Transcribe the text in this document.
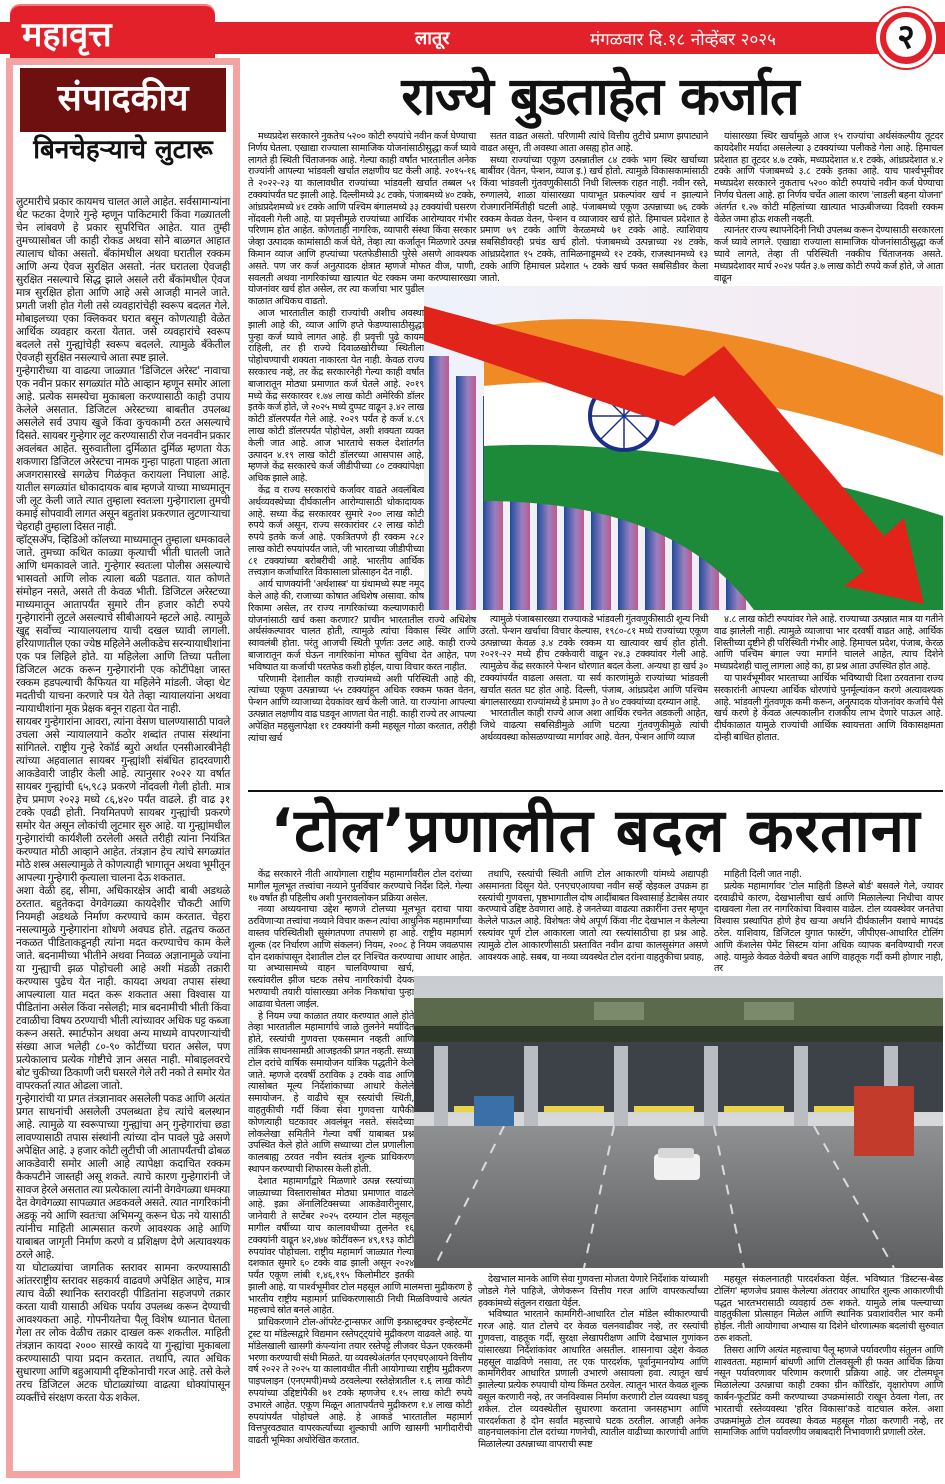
महावृत्त	लातूर	मंगळवार दि.१८ नोव्हेंबर २०२५	२
संपादकीय
बिनचेहर्‍याचे लुटारू

लुटमारीचे प्रकार कायमच चालत आले आहेत. सर्वसामान्यांना थेट फटका देणारे गुन्हे म्हणून पाकिटमारी किंवा गळ्यातली चेन लांबवणे हे प्रकार सुपरिचित आहेत. यात तुम्ही तुमच्यासोबत जी काही रोकड अथवा सोने बाळगत आहात त्यालाच धोका असतो. बँकांमधील अथवा घरातील रक्कम आणि अन्य ऐवज सुरक्षित असतो. नंतर घरातला ऐवजही सुरक्षित नसल्याचे सिद्ध झाले असले तरी बँकांमधील ऐवज मात्र सुरक्षित होता आणि आहे असे आजही मानले जाते. प्रगती जशी होत गेली तसे व्यवहारांचेही स्वरूप बदलत गेले. मोबाइलच्या एका क्लिकवर घरात बसून कोणत्याही वेळेत आर्थिक व्यवहार करता येतात. जसे व्यवहारांचे स्वरूप बदलले तसे गुन्ह्यांचेही स्वरूप बदलले. त्यामुळे बँकेतील ऐवजही सुरक्षित नसल्याचे आता स्पष्ट झाले.

गुन्हेगारीच्या या वाढत्या जाळ्यात 'डिजिटल अरेस्ट' नावाचा एक नवीन प्रकार सगळ्यांत मोठे आव्हान म्हणून समोर आला आहे. प्रत्येक समस्येचा मुकाबला करण्यासाठी काही उपाय केलेले असतात. डिजिटल अरेस्टच्या बाबतीत उपलब्ध असलेले सर्व उपाय खुजे किंवा कुचकामी ठरत असल्याचे दिसते. सायबर गुन्हेगार लूट करण्यासाठी रोज नवनवीन प्रकार अवलंबत आहेत. सुरुवातीला दुर्मिळात दुर्मिळ म्हणता येऊ शकणारा डिजिटल अरेस्टचा नामक गुन्हा पाहता पाहता आता अजगरासारखे सगळेच गिळंकृत करायला निघाला आहे. यातील सगळ्यांत धोकादायक बाब म्हणजे याच्या माध्यमातून जी लूट केली जाते त्यात तुम्हाला स्वतःला गुन्हेगाराला तुमची कमाई सोपवावी लागत असून बहुतांश प्रकरणात लुटणार्‍याचा चेहराही तुम्हाला दिसत नाही.

व्हॉट्सअ‍ॅप, व्हिडिओ कॉलच्या माध्यमातून तुम्हाला धमकावले जाते. तुमच्या कथित काळ्या कृत्याची भीती घातली जाते आणि धमकावले जाते. गुन्हेगार स्वतःला पोलीस असल्याचे भासवतो आणि लोक त्याला बळी पडतात. यात कोणते संमोहन नसते, असते ती केवळ भीती. डिजिटल अरेस्टच्या माध्यमातून आतापर्यंत सुमारे तीन हजार कोटी रुपये गुन्हेगारांनी लुटले असल्याचे सीबीआयने म्हटले आहे. त्यामुळे खुद्द सर्वोच्च न्यायालयलाच याची दखल घ्यावी लागली. हरियाणातील एका ज्येष्ठ महिलेने अलीकडेच सरन्यायाधीशांना एक पत्र लिहिले होते. या महिलेला आणि तिच्या पतीला डिजिटल अटक करून गुन्हेगारांनी एक कोटींपेक्षा जास्त रक्कम हडपल्याची कैफियत या महिलेने मांडली. जेव्हा थेट मदतीची याचना करणारे पत्र येते तेव्हा न्यायालयांना अथवा न्यायाधीशांना मूक प्रेक्षक बनून राहता येत नाही.

सायबर गुन्हेगारांना आवरा, त्यांना वेसण घालण्यासाठी पावले उचला असे न्यायालयाने कठोर शब्दांत तपास संस्थांना सांगितले. राष्ट्रीय गुन्हे रेकॉर्ड ब्युरो अर्थात एनसीआरबीनेही त्यांच्या अहवालात सायबर गुन्ह्यांशी संबंधित हादरवणारी आकडेवारी जाहीर केली आहे. त्यानुसार २०२२ या वर्षात सायबर गुन्ह्यांची ६५,९८३ प्रकरणे नोंदवली गेली होती. मात्र हेच प्रमाण २०२३ मध्ये ८६,४२० पर्यंत वाढले. ही वाढ ३१ टक्के एवढी होती. नियमितपणे सायबर गुन्ह्यांची प्रकरणे समोर येत असून लोकांची लुटमार सुरु आहे. या गुन्ह्यांमधील गुन्हेगारांची कार्यशैली ठरलेली असते तरीही त्यांना नियंत्रित करण्यात मोठी आव्हाने आहेत. तंत्रज्ञान हेच त्यांचे सगळ्यांत मोठे शस्त्र असल्यामुळे ते कोणत्याही भागातून अथवा भूमीतून आपल्या गुन्हेगारी कृत्याला चालना देऊ शकतात.

अशा वेळी हद्द, सीमा, अधिकारक्षेत्र आदी बाबी अडथळे ठरतात. बहुतेकदा वेगवेगळ्या कायदेशीर चौकटी आणि नियमही अडथळे निर्माण करण्याचे काम करतात. चेहरा नसल्यामुळे गुन्हेगारांना शोधणे अवघड होते. तद्वतच कळत नकळत पीडिताकडूनही त्यांना मदत करण्याचेच काम केले जाते. बदनामीच्या भीतीने अथवा निव्वळ अज्ञानामुळे ज्यांना या गुन्ह्याची झळ पोहोचली आहे अशी मंडळी तक्रारी करण्यास पुढेच येत नाही. कायदा अथवा तपास संस्था आपल्याला यात मदत करू शकतात असा विश्वास या पीडितांना असेल किंवा नसेलही; मात्र बदनामीची भीती किंवा टवाळीचा विषय ठरण्याची भीती त्यांच्यावर अधिक घट्ट कब्जा करून असते. स्मार्टफोन अथवा अन्य माध्यमे वापरणार्‍यांची संख्या आज भलेही ८०-९० कोटींच्या घरात असेल, पण प्रत्येकालाच प्रत्येक गोष्टीचे ज्ञान असत नाही. मोबाइलवरचे बोट चुकीच्या ठिकाणी जरी घसरले गेले तरी नको ते समोर येत वापरकर्ता त्यात ओढला जातो.

गुन्हेगारांची या प्रगत तंत्रज्ञानावर असलेली पकड आणि अत्यंत प्रगत साधनांची असलेली उपलब्धता हेच त्यांचे बलस्थान आहे. त्यामुळे या स्वरूपाच्या गुन्ह्यांचा अन् गुन्हेगारांचा छडा लावण्यासाठी तपास संस्थांनी त्यांच्या दोन पावले पुढे असणे अपेक्षित आहे. ३ हजार कोटी लुटीची जी आतापर्यंतची ढोबळ आकडेवारी समोर आली आहे त्यापेक्षा कदाचित रक्कम कैकपटीने जास्तही असू शकते. त्याचे कारण गुन्हेगारांनी जे सावज हेरले असतात त्या प्रत्येकाला त्यांनी वेगवेगळ्या धमक्या देत वेगवेगळ्या सापळ्यात अडकवले असते. त्यात नागरिकांनी अडकू नये आणि स्वतःचा अभिमन्यू करून घेऊ नये यासाठी त्यांनीच माहिती आत्मसात करणे आवश्यक आहे आणि याबाबत जागृती निर्माण करणे व प्रशिक्षण देणे अत्यावश्यक ठरले आहे.

या घोटाळ्यांचा जागतिक स्तरावर सामना करण्यासाठी आंतरराष्ट्रीय स्तरावर सहकार्य वाढवणे अपेक्षित आहेच, मात्र त्याच वेळी स्थानिक स्तरावरही पीडितांना सहजपणे तक्रार करता यावी यासाठी अधिक पर्याय उपलब्ध करून देण्याची आवश्यकता आहे. गोपनीयतेचा पैलू विशेष ध्यानात घेतला गेला तर लोक वेळीच तक्रार दाखल करू शकतील. माहिती तंत्रज्ञान कायदा २००० सारखे कायदे या गुन्ह्यांचा मुकाबला करण्यासाठी पाया प्रदान करतात. तथापि, त्यात अधिक सुधारणा आणि बहुआयामी दृष्टिकोनाची गरज आहे. तसे केले तरच डिजिटल अटक घोटाळ्यांच्या वाढत्या धोक्यांपासून व्यक्तींचे संरक्षण करता येऊ शकेल.

राज्ये बुडताहेत कर्जात

मध्यप्रदेश सरकारने नुकतेच ५२०० कोटी रुपयांचे नवीन कर्ज घेण्याचा निर्णय घेतला. एखाद्या राज्याला सामाजिक योजनांसाठीसुद्धा कर्ज घ्यावे लागते ही स्थिती चिंताजनक आहे. गेल्या काही वर्षांत भारतातील अनेक राज्यांनी आपल्या भांडवली खर्चात लक्षणीय घट केली आहे. २०१५-१६ ते २०२२-२३ या कालावधीत राज्यांच्या भांडवली खर्चात तब्बल ५१ टक्क्यांपर्यंत घट झाली आहे. दिल्लीमध्ये ३८ टक्के, पंजाबमध्ये ४० टक्के, आंध्रप्रदेशमध्ये ४१ टक्के आणि पश्चिम बंगालमध्ये ३३ टक्क्यांची घसरण नोंदवली गेली आहे. या प्रवृत्तीमुळे राज्यांच्या आर्थिक आरोग्यावर गंभीर परिणाम होत आहेत. कोणताही नागरिक, व्यापारी संस्था किंवा सरकार जेव्हा उत्पादक कामांसाठी कर्ज घेते, तेव्हा त्या कर्जातून मिळणारे उत्पन्न किमान व्याज आणि हप्त्यांच्या परतफेडीसाठी पुरेसे असणे आवश्यक असते. पण जर कर्ज अनुत्पादक क्षेत्रात म्हणजे मोफत वीज, पाणी, सवलती अथवा नागरिकांच्या खात्यात थेट रक्कम जमा करण्यासारख्या योजनांवर खर्च होत असेल, तर त्या कर्जाचा भार पुढील काळात अधिकच वाढतो.

आज भारतातील काही राज्यांची अशीच अवस्था झाली आहे की, व्याज आणि हप्ते फेडण्यासाठीसुद्धा पुन्हा कर्ज घ्यावे लागत आहे. ही प्रवृत्ती पुढे कायम राहिली, तर ही राज्ये दिवाळखोरीच्या स्थितीला पोहोचण्याची शक्यता नाकारता येत नाही. केवळ राज्य सरकारच नव्हे, तर केंद्र सरकारनेही गेल्या काही वर्षांत बाजारातून मोठ्या प्रमाणात कर्ज घेतले आहे. २०१९ मध्ये केंद्र सरकारवर १.७४ लाख कोटी अमेरिकी डॉलर इतके कर्ज होते, जे २०२५ मध्ये दुप्पट वाढून ३.४२ लाख कोटी डॉलरपर्यंत गेले आहे. २०२९ पर्यंत हे कर्ज ४.८९ लाख कोटी डॉलरपर्यंत पोहोचेल, अशी शक्यता व्यक्त केली जात आहे. आज भारताचे सकल देशांतर्गत उत्पादन ४.१९ लाख कोटी डॉलरच्या आसपास आहे, म्हणजे केंद्र सरकारचे कर्ज जीडीपीच्या ८० टक्क्यांपेक्षा अधिक झाले आहे.

केंद्र व राज्य सरकारांचे कर्जावर वाढते अवलंबित्व अर्थव्यवस्थेच्या दीर्घकालीन आरोग्यासाठी धोकादायक आहे. सध्या केंद्र सरकारवर सुमारे २०० लाख कोटी रुपये कर्ज असून, राज्य सरकारांवर ८२ लाख कोटी रुपये इतके कर्ज आहे. एकत्रितपणे ही रक्कम २८२ लाख कोटी रुपयांपर्यंत जाते, जी भारताच्या जीडीपीच्या ८१ टक्क्यांच्या बरोबरीची आहे. भारतीय आर्थिक तत्त्वज्ञान कर्जाधारित विकासाला प्रोत्साहन देत नाही.

आर्य चाणक्यांनी 'अर्थशास्त्र' या ग्रंथामध्ये स्पष्ट नमूद केले आहे की, राजाच्या कोषात अधिशेष असावा. कोष रिकामा असेल, तर राज्य नागरिकांच्या कल्याणकारी योजनांसाठी खर्च कसा करणार? प्राचीन भारतातील राज्ये अधिशेष अर्थसंकल्पावर चालत होती, त्यामुळे त्यांचा विकास स्थिर आणि स्वावलंबी होता. परंतु आजची स्थिती पूर्णतः उलट आहे. काही राज्ये बाजारातून कर्ज घेऊन नागरिकांना मोफत सुविधा देत आहेत, पण भविष्यात या कर्जाची परतफेड कशी होईल, याचा विचार करत नाहीत.

परिणामी देशातील काही राज्यांमध्ये अशी परिस्थिती आहे की, त्यांच्या एकूण उत्पन्नाच्या ५५ टक्क्यांहून अधिक रक्कम फक्त वेतन, पेन्शन आणि व्याजाच्या देयकांवर खर्च केली जाते. या राज्यांना आपल्या उत्पन्नात लक्षणीय वाढ घडवून आणता येत नाही. काही राज्ये तर आपल्या अपेक्षित महसुलापेक्षा ११ टक्क्यांनी कमी महसूल गोळा करतात, तरीही त्यांचा खर्च

सतत वाढत असतो. परिणामी त्यांचे वित्तीय तुटीचे प्रमाण झपाट्याने वाढत असून, ती अवस्था आता असह्य होत आहे.

सध्या राज्यांच्या एकूण उत्पन्नातील ८४ टक्के भाग स्थिर खर्चाच्या बाबींवर (वेतन, पेन्शन, व्याज इ.) खर्च होतो. त्यामुळे विकासकामांसाठी किंवा भांडवली गुंतवणुकीसाठी निधी शिल्लक राहत नाही. नवीन रस्ते, रुग्णालये, शाळा यांसारख्या पायाभूत प्रकल्पांवर खर्च न झाल्याने रोजगारनिर्मितीही घटली आहे. पंजाबमध्ये एकूण उत्पन्नाच्या ७६ टक्के रक्कम केवळ वेतन, पेन्शन व व्याजावर खर्च होते. हिमाचल प्रदेशात हे प्रमाण ७९ टक्के आणि केरळमध्ये ७१ टक्के आहे. त्याशिवाय सबसिडीवरही प्रचंड खर्च होतो. पंजाबमध्ये उत्पन्नाच्या २४ टक्के, आंध्रप्रदेशात १५ टक्के, तामिळनाडूमध्ये १२ टक्के, राजस्थानमध्ये १३ टक्के आणि हिमाचल प्रदेशात ५ टक्के खर्च फक्त सबसिडीवर केला जातो.

यांसारख्या स्थिर खर्चामुळे आज १५ राज्यांचा अर्थसंकल्पीय तूटदर कायदेशीर मर्यादा असलेल्या ३ टक्क्यांच्या पलीकडे गेला आहे. हिमाचल प्रदेशात हा तूटदर ४.७ टक्के, मध्यप्रदेशात ४.१ टक्के, आंध्रप्रदेशात ४.२ टक्के आणि पंजाबमध्ये ३.८ टक्के इतका आहे. याच पार्श्वभूमीवर मध्यप्रदेश सरकारने नुकताच ५२०० कोटी रुपयांचे नवीन कर्ज घेण्याचा निर्णय घेतला आहे. हा निर्णय चर्चेत आला कारण 'लाडली बहना योजना' अंतर्गत १.२७ कोटी महिलांच्या खात्यात भाऊबीजच्या दिवशी रक्कम वेळेत जमा होऊ शकली नव्हती.

त्यानंतर राज्य स्थापनेदिनी निधी उपलब्ध करून देण्यासाठी सरकारला कर्ज घ्यावे लागले. एखाद्या राज्याला सामाजिक योजनांसाठीसुद्धा कर्ज घ्यावे लागते, तेव्हा ती परिस्थिती नक्कीच चिंताजनक असते. मध्यप्रदेशावर मार्च २०२४ पर्यंत ३.७ लाख कोटी रुपये कर्ज होते, जे आता वाढून

त्यामुळे पंजाबसारख्या राज्याकडे भांडवली गुंतवणुकीसाठी शून्य निधी उरतो. पेन्शन खर्चाचा विचार केल्यास, १९८०-८१ मध्ये राज्यांच्या एकूण उत्पन्नाच्या केवळ ३.४ टक्के रक्कम या खात्यावर खर्च होत होती. २०२१-२२ मध्ये हीच टक्केवारी वाढून २४.३ टक्क्यांवर गेली आहे. त्यामुळेच केंद्र सरकारने पेन्शन धोरणात बदल केला. अन्यथा हा खर्च ३० टक्क्यांपर्यंत वाढला असता. या सर्व कारणांमुळे राज्यांच्या भांडवली खर्चात सतत घट होत आहे. दिल्ली, पंजाब, आंध्रप्रदेश आणि पश्चिम बंगालसारख्या राज्यांमध्ये हे प्रमाण ३० ते ४० टक्क्यांच्या दरम्यान आहे.

भारतातील काही राज्ये आज अशा आर्थिक रचनेत अडकली आहेत, जिथे वाढत्या सबसिडीमुळे आणि घटत्या गुंतवणुकीमुळे त्यांची अर्थव्यवस्था कोसळण्याच्या मार्गावर आहे. वेतन, पेन्शन आणि व्याज

४.८ लाख कोटी रुपयांवर गेले आहे. राज्याच्या उत्पन्नात मात्र या गतीने वाढ झालेली नाही. त्यामुळे व्याजाचा भार दरवर्षी वाढत आहे. आर्थिक शिस्तीच्या दृष्टीने ही परिस्थिती गंभीर आहे. हिमाचल प्रदेश, पंजाब, केरळ आणि पश्चिम बंगाल ज्या मार्गाने चालले आहेत, त्याच दिशेने मध्यप्रदेशही चालू लागला आहे का, हा प्रश्न आता उपस्थित होत आहे.

या पार्श्वभूमीवर भारताच्या आर्थिक भविष्याची दिशा ठरवताना राज्य सरकारांनी आपल्या आर्थिक धोरणांचे पुनर्मूल्यांकन करणे अत्यावश्यक आहे. भांडवली गुंतवणूक कमी करून, अनुत्पादक योजनांवर कर्जाचे पैसे खर्च करणे हे केवळ अल्पकालीन राजकीय लाभ देणारे पाऊल आहे. दीर्घकाळात यामुळे राज्यांची आर्थिक स्वायत्तता आणि विकासक्षमता दोन्ही बाधित होतात.

‘टोल’प्रणालीत बदल करताना

केंद्र सरकारने नीती आयोगाला राष्ट्रीय महामार्गांवरील टोल दरांच्या मागील मूलभूत तत्त्वांचा नव्याने पुनर्विचार करण्याचे निर्देश दिले. गेल्या १७ वर्षांत ही पहिलीच अशी पुनरावलोकन प्रक्रिया असेल.

नव्या अध्ययनाचा उद्देश म्हणजे टोलच्या मूलभूत दराचा पाया ठरविणार्‍या तत्त्वांचा नव्याने विचार करून त्यांचा आधुनिक महामार्गांच्या वास्तव परिस्थितीशी सुसंगतपणा तपासणे हा आहे. राष्ट्रीय महामार्ग शुल्क (दर निर्धारण आणि संकलन) नियम, २००८ हे नियम जवळपास दोन दशकांपासून देशातील टोल दर निश्चित करण्याचा आधार आहेत. या अभ्यासामध्ये वाहन चालविण्याचा खर्च, रस्त्यांवरील झीज घटक तसेच नागरिकांची देयक भरण्याची तयारी यांसारख्या अनेक निकषांचा पुन्हा आढावा घेतला जाईल.

हे नियम ज्या काळात तयार करण्यात आले होते तेव्हा भारतातील महामार्गांचे जाळे तुलनेने मर्यादित होते, रस्त्यांची गुणवत्ता एकसमान नव्हती आणि तांत्रिक साधनसामग्री आजइतकी प्रगत नव्हती. सध्या टोल दरांचे वार्षिक समायोजन यांत्रिक पद्धतीने केले जाते. म्हणजे दरवर्षी ठराविक ३ टक्के वाढ आणि त्यासोबत मूल्य निर्देशांकाच्या आधारे केलेले समायोजन. हे वाढीचे सूत्र रस्त्यांची स्थिती, वाहतुकीची गर्दी किंवा सेवा गुणवत्ता यापैकी कोणत्याही घटकावर अवलंबून नसते. संसदेच्या लोकलेखा समितीने गेल्या वर्षी याबाबत प्रश्न उपस्थित केले होते आणि सध्याच्या टोल प्रणालीला कालबाह्य ठरवत नवीन स्वतंत्र शुल्क प्राधिकरण स्थापन करण्याची शिफारस केली होती.

देशात महामार्गांद्वारे मिळणारे उत्पन्न रस्त्यांच्या जाळ्याच्या विस्तारासोबत मोठ्या प्रमाणात वाढले आहे. इक्रा ॲनालिटिक्सच्या आकडेवारीनुसार, जानेवारी ते सप्टेंबर २०२५ दरम्यान टोल महसूल मागील वर्षीच्या याच कालावधीच्या तुलनेत १६ टक्क्यांनी वाढून ४२,४७४ कोटींवरून ४९,१९३ कोटी रुपयांवर पोहोचला. राष्ट्रीय महामार्ग जाळ्यात गेल्या दशकात सुमारे ६० टक्के वाढ झाली असून २०२४ पर्यंत एकूण लांबी १,४६,१९५ किलोमीटर इतकी झाली आहे. या पार्श्वभूमीवर टोल महसूल आणि मालमत्ता मुद्रीकरण हे भारतीय राष्ट्रीय महामार्ग प्राधिकरणासाठी निधी मिळविण्याचे अत्यंत महत्त्वाचे स्रोत बनले आहेत.

प्राधिकरणाने टोल-ऑपरेट-ट्रान्सफर आणि इन्फ्रास्ट्रक्चर इन्व्हेस्टमेंट ट्रस्ट या मॉडेल्सद्वारे विद्यमान रस्तेपट्ट्यांचे मुद्रीकरण वाढवले आहे. या मॉडेलखाली खासगी कंपन्यांना तयार रस्तेपट्टे लीजवर घेऊन एकरकमी भरणा करण्याची संधी मिळते. या व्यवस्थेअंतर्गत एनएचएआयने वित्तीय वर्ष २०२२ ते २०२५ या कालावधीत नीती आयोगाच्या राष्ट्रीय मुद्रीकरण पाइपलाइन (एनएमपी)मध्ये ठरवलेल्या रस्तेक्षेत्रातील १.६ लाख कोटी रुपयांच्या उद्दिष्टांपैकी ७१ टक्के म्हणजेच १.१५ लाख कोटी रुपये उभारले आहेत. एकूण मिळून आतापर्यंतचे मुद्रीकरण १.४ लाख कोटी रुपयांपर्यंत पोहोचले आहे. हे आकडे भारतातील महामार्ग वित्तपुरवठ्यात वापरकर्त्यांच्या शुल्काची आणि खासगी भागीदारीची वाढती भूमिका अधोरेखित करतात.

तथापि, रस्त्यांची स्थिती आणि टोल आकारणी यांमध्ये अद्यापही असमानता दिसून येते. एनएचएआयचा नवीन सर्व्हे व्हेइकल उपक्रम हा रस्त्यांची गुणवत्ता, पृष्ठभागातील दोष आदींबाबत विश्वासार्ह डेटाबेस तयार करण्याचे उद्दिष्ट ठेवणारा आहे. हे जनतेच्या वाढत्या तक्रारींना उत्तर म्हणून केलेले पाऊल आहे. विशेषतः जेथे अपूर्ण किंवा नीट देखभाल न केलेल्या रस्त्यांवर पूर्ण टोल आकारला जातो त्या रस्त्यांसाठीचा हा प्रश्न आहे. त्यामुळे टोल आकारणीसाठी प्रस्तावित नवीन ढाचा कालसुसंगत असणे आवश्यक आहे. सबब, या नव्या व्यवस्थेत टोल दरांना वाहतुकीचा प्रवाह,

माहिती दिली जात नाही.

प्रत्येक महामार्गावर 'टोल माहिती डिस्प्ले बोर्ड' बसवले गेले, ज्यावर दरवाढीचे कारण, देखभालीचा खर्च आणि मिळालेल्या निधीचा वापर दाखवला गेला तर नागरिकांचा विश्वास वाढेल. टोल व्यवस्थेवर जनतेचा विश्वास प्रस्थापित होणे हेच खर्‍या अर्थाने दीर्घकालीन यशाचे मापदंड ठरेल. याशिवाय, डिजिटल युगात फास्टॅग, जीपीएस-आधारित टोलिंग आणि कॅशलेस पेमेंट सिस्टम यांना अधिक व्यापक बनविण्याची गरज आहे. यामुळे केवळ वेळेची बचत आणि वाहतूक गर्दी कमी होणार नाही, तर

देखभाल मानके आणि सेवा गुणवत्ता मोजता येणारे निर्देशांक यांच्याशी जोडले गेले पाहिजे, जेणेकरून वित्तीय गरज आणि वापरकर्त्यांच्या हक्कांमध्ये संतुलन राखता येईल.

भविष्यात भारताने कामगिरी-आधारित टोल मॉडेल स्वीकारण्याची गरज आहे. यात टोलचे दर केवळ चलनवाढीवर नव्हे, तर रस्त्यांची गुणवत्ता, वाहतूक गर्दी, सुरक्षा लेखापरीक्षण आणि देखभाल गुणांकन यांसारख्या निर्देशांकांवर आधारित असतील. शासनाचा उद्देश केवळ महसूल वाढविणे नसावा, तर एक पारदर्शक, पूर्वानुमानयोग्य आणि कामगिरीवर आधारित प्रणाली उभारणे असायला हवा. त्यातून खर्च झालेल्या प्रत्येक रुपयाची योग्य किंमत ठरवेल. त्यातून भारत केवळ शुल्क वसूल करणारी नव्हे, तर जनविश्वास निर्माण करणारी टोल व्यवस्था घडवू शकेल. टोल व्यवस्थेतील सुधारणा करताना जनसहभाग आणि पारदर्शकता हे दोन सर्वांत महत्त्वाचे घटक ठरतील. आजही अनेक वाहनचालकांना टोल दरांच्या गणनेची, त्यातील वाढीच्या कारणांची आणि मिळालेल्या उत्पन्नाच्या वापराची स्पष्ट

महसूल संकलनातही पारदर्शकता येईल. भविष्यात 'डिस्टन्स-बेस्ड टोलिंग' म्हणजेच प्रवास केलेल्या अंतरावर आधारित शुल्क आकारणीची पद्धत भारतभरासाठी व्यवहार्य ठरू शकते. यामुळे लांब पल्ल्याच्या वाहतुकीला प्रोत्साहन मिळेल आणि स्थानिक प्रवाशांवरील भार कमी होईल. नीती आयोगाचा अभ्यास या दिशेने धोरणात्मक बदलांची सुरुवात ठरू शकतो.

तिसरा आणि अत्यंत महत्त्वाचा पैलू म्हणजे पर्यावरणीय संतुलन आणि शाश्वतता. महामार्ग बांधणी आणि टोलवसुली ही फक्त आर्थिक क्रिया नसून पर्यावरणावर परिणाम करणारी प्रक्रिया आहे. जर टोलमधून मिळालेल्या उत्पन्नाचा काही टक्का ग्रीन कॉरिडॉर, वृक्षारोपण आणि कार्बन-फूटप्रिंट कमी करण्याच्या उपक्रमांसाठी राखून ठेवला गेला, तर भारताची रस्तेव्यवस्था 'हरित विकासा'कडे वाटचाल करेल. अशा उपक्रमांमुळे टोल व्यवस्था केवळ महसूल गोळा करणारी नव्हे, तर सामाजिक आणि पर्यावरणीय जबाबदारी निभावणारी प्रणाली ठरेल.
